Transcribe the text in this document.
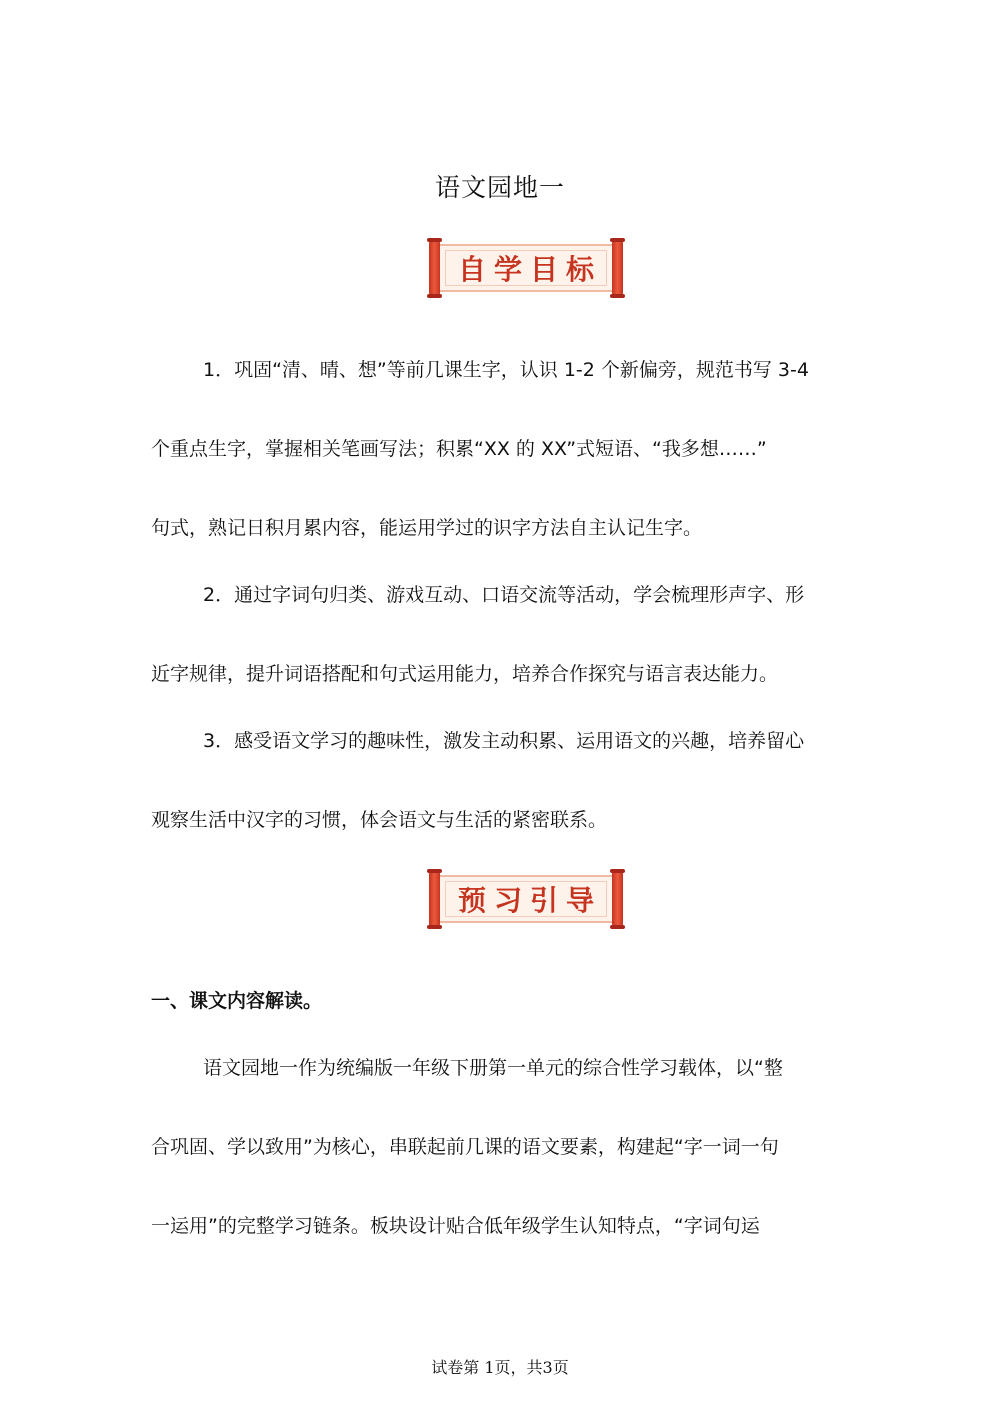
语文园地一
自学目标

1．巩固“清、晴、想”等前几课生字，认识 1-2 个新偏旁，规范书写 3-4
个重点生字，掌握相关笔画写法；积累“XX 的 XX”式短语、“我多想……”
句式，熟记日积月累内容，能运用学过的识字方法自主认记生字。

2．通过字词句归类、游戏互动、口语交流等活动，学会梳理形声字、形
近字规律，提升词语搭配和句式运用能力，培养合作探究与语言表达能力。

3．感受语文学习的趣味性，激发主动积累、运用语文的兴趣，培养留心
观察生活中汉字的习惯，体会语文与生活的紧密联系。

预习引导
一、课文内容解读。

语文园地一作为统编版一年级下册第一单元的综合性学习载体，以“整
合巩固、学以致用”为核心，串联起前几课的语文要素，构建起“字一词一句
一运用”的完整学习链条。板块设计贴合低年级学生认知特点，“字词句运

试卷第 1页，共3页
